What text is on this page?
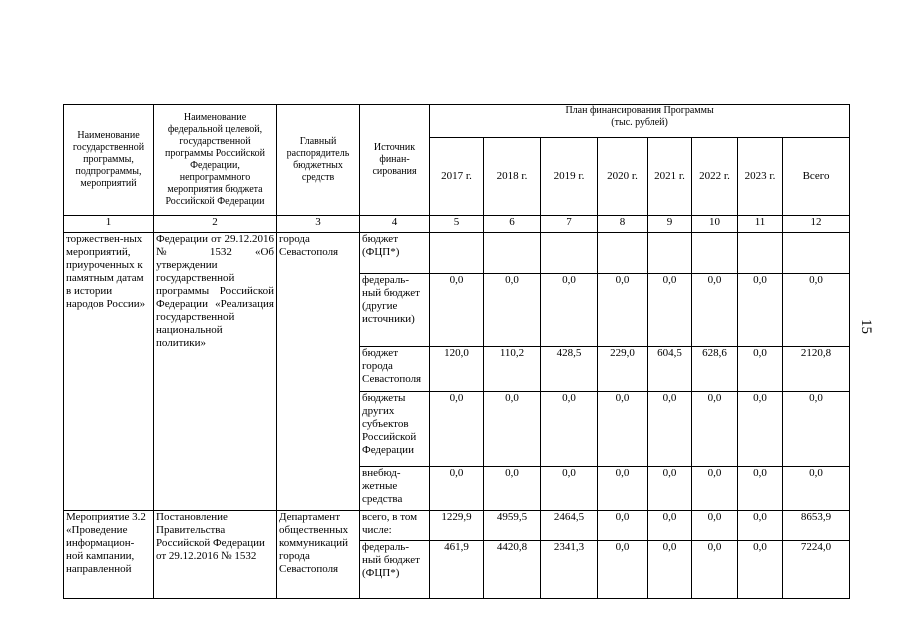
15
Наименование государственной программы, подпрограммы, мероприятий	Наименование федеральной целевой, государственной программы Российской Федерации, непрограммного мероприятия бюджета Российской Федерации	Главный распорядитель бюджетных средств	Источник финан-сирования	План финансирования Программы
(тыс. рублей)							

				2017 г.	2018 г.	2019 г.	2020 г.	2021 г.	2022 г.	2023 г.	Всего
1	2	3	4	5	6	7	8	9	10	11	12
торжествен-ных мероприятий, приуроченных к памятным датам в истории народов России»	Федерации от 29.12.2016 № 1532 «Об утверждении государственной программы Российской Федерации «Реализация государственной национальной политики»	города Севастополя	бюджет (ФЦП*)								
			федераль-ный бюджет (другие источники)	0,0	0,0	0,0	0,0	0,0	0,0	0,0	0,0
			бюджет города Севастополя	120,0	110,2	428,5	229,0	604,5	628,6	0,0	2120,8
			бюджеты других субъектов Российской Федерации	0,0	0,0	0,0	0,0	0,0	0,0	0,0	0,0
			внебюд-жетные средства	0,0	0,0	0,0	0,0	0,0	0,0	0,0	0,0
Мероприятие 3.2 «Проведение информацион-ной кампании, направленной	Постановление Правительства Российской Федерации от 29.12.2016 № 1532	Департамент общественных коммуникаций города Севастополя	всего, в том числе:	1229,9	4959,5	2464,5	0,0	0,0	0,0	0,0	8653,9
			федераль-ный бюджет (ФЦП*)	461,9	4420,8	2341,3	0,0	0,0	0,0	0,0	7224,0
